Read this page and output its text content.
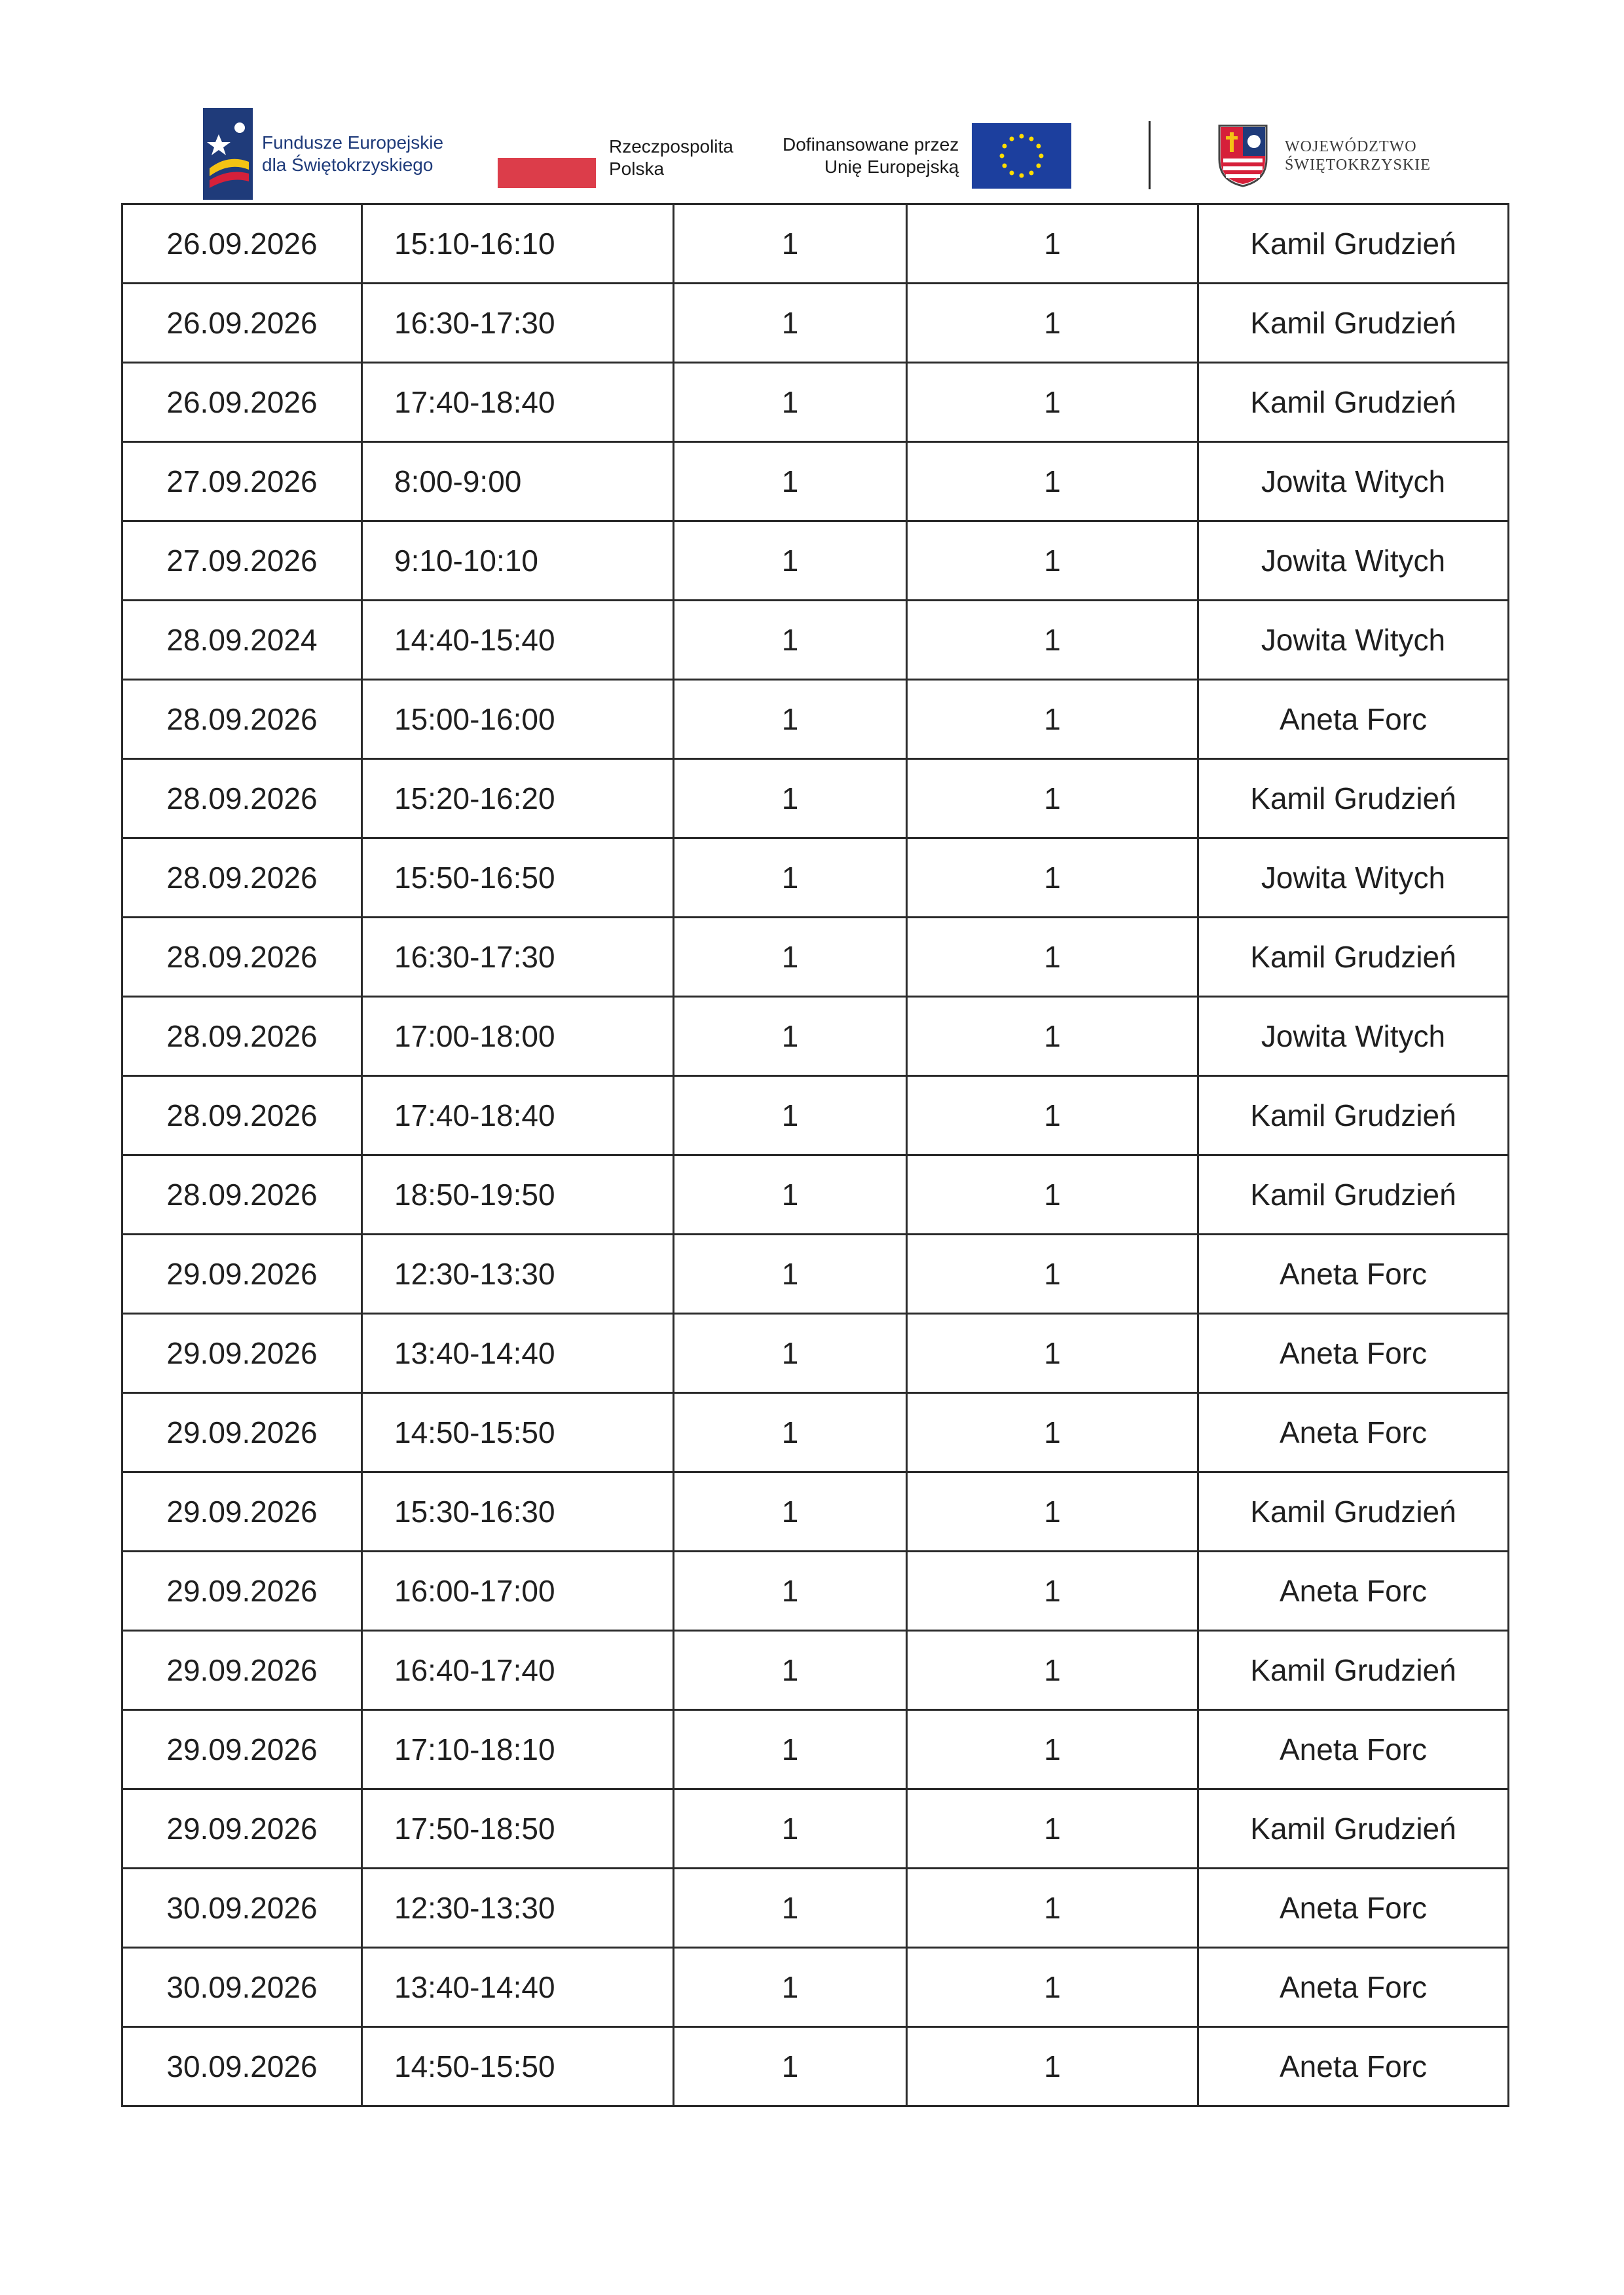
Fundusze Europejskie
dla Świętokrzyskiego
Rzeczpospolita
Polska
Dofinansowane przez
Unię Europejską
WOJEWÓDZTWO
ŚWIĘTOKRZYSKIE
26.09.2026	15:10-16:10	1	1	Kamil Grudzień
26.09.2026	16:30-17:30	1	1	Kamil Grudzień
26.09.2026	17:40-18:40	1	1	Kamil Grudzień
27.09.2026	8:00-9:00	1	1	Jowita Witych
27.09.2026	9:10-10:10	1	1	Jowita Witych
28.09.2024	14:40-15:40	1	1	Jowita Witych
28.09.2026	15:00-16:00	1	1	Aneta Forc
28.09.2026	15:20-16:20	1	1	Kamil Grudzień
28.09.2026	15:50-16:50	1	1	Jowita Witych
28.09.2026	16:30-17:30	1	1	Kamil Grudzień
28.09.2026	17:00-18:00	1	1	Jowita Witych
28.09.2026	17:40-18:40	1	1	Kamil Grudzień
28.09.2026	18:50-19:50	1	1	Kamil Grudzień
29.09.2026	12:30-13:30	1	1	Aneta Forc
29.09.2026	13:40-14:40	1	1	Aneta Forc
29.09.2026	14:50-15:50	1	1	Aneta Forc
29.09.2026	15:30-16:30	1	1	Kamil Grudzień
29.09.2026	16:00-17:00	1	1	Aneta Forc
29.09.2026	16:40-17:40	1	1	Kamil Grudzień
29.09.2026	17:10-18:10	1	1	Aneta Forc
29.09.2026	17:50-18:50	1	1	Kamil Grudzień
30.09.2026	12:30-13:30	1	1	Aneta Forc
30.09.2026	13:40-14:40	1	1	Aneta Forc
30.09.2026	14:50-15:50	1	1	Aneta Forc
